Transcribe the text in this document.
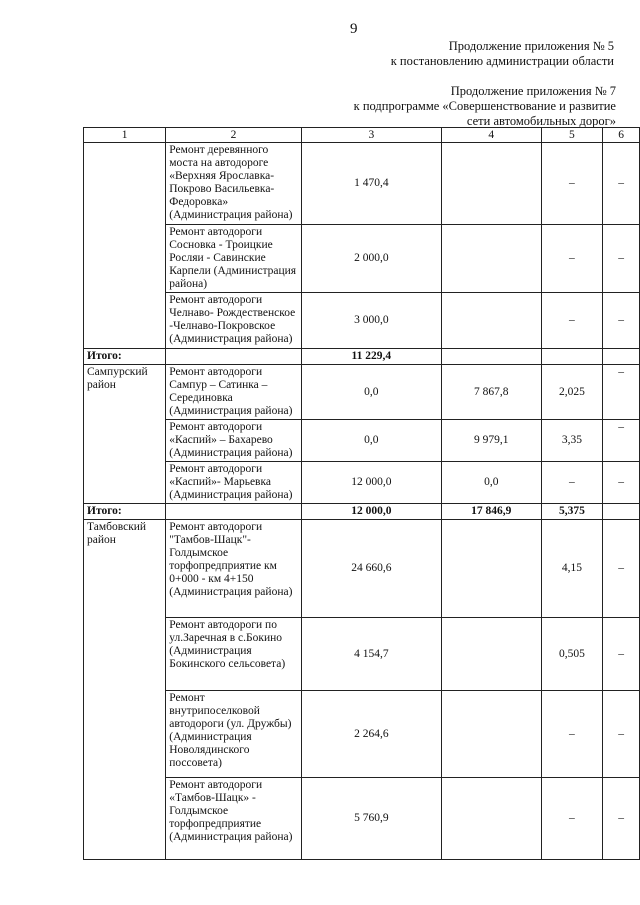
9
Продолжение приложения № 5
к постановлению администрации области
Продолжение приложения № 7
к подпрограмме «Совершенствование и развитие
сети автомобильных дорог»
1	2	3	4	5	6
	Ремонт деревянного моста на автодороге «Верхняя Ярославка-Покрово Васильевка-Федоровка» (Администрация района)	1 470,4		–	–
	Ремонт автодороги Сосновка - Троицкие Росляи - Савинские Карпели (Администрация района)	2 000,0		–	–
	Ремонт автодороги Челнаво- Рождественское -Челнаво-Покровское (Администрация района)	3 000,0		–	–
Итого:		11 229,4			
Сампурский район	Ремонт автодороги Сампур – Сатинка – Серединовка (Администрация района)	0,0	7 867,8	2,025	–
	Ремонт автодороги «Каспий» – Бахарево (Администрация района)	0,0	9 979,1	3,35	–
	Ремонт автодороги «Каспий»- Марьевка (Администрация района)	12 000,0	0,0	–	–
Итого:		12 000,0	17 846,9	5,375	
Тамбовский район	Ремонт автодороги "Тамбов-Шацк"-Голдымское торфопредприятие км 0+000 - км 4+150 (Администрация района)	24 660,6		4,15	–
	Ремонт автодороги по ул.Заречная в с.Бокино (Администрация Бокинского сельсовета)	4 154,7		0,505	–
	Ремонт внутрипоселковой автодороги (ул. Дружбы) (Администрация Новолядинского поссовета)	2 264,6		–	–
	Ремонт автодороги «Тамбов-Шацк» - Голдымское торфопредприятие (Администрация района)	5 760,9		–	–
